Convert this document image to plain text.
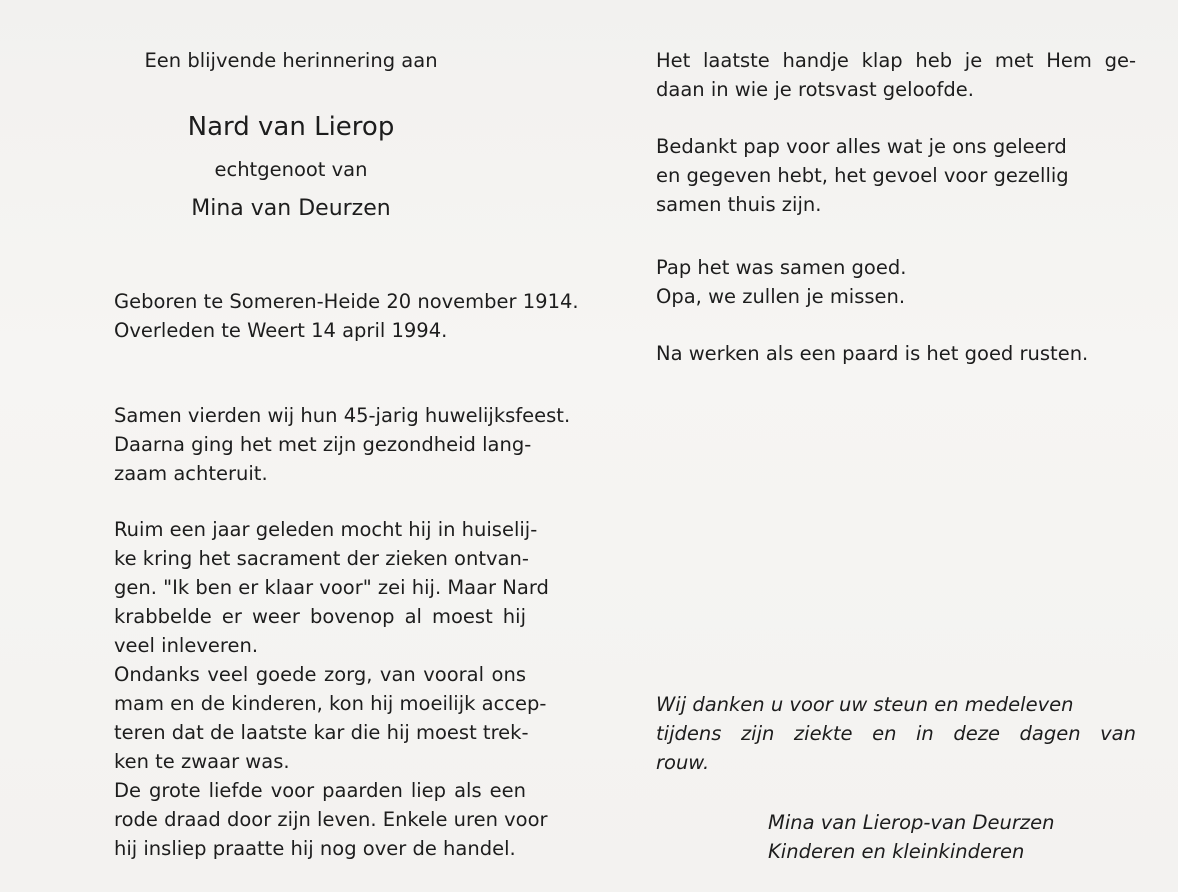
Een blijvende herinnering aan
Nard van Lierop
echtgenoot van
Mina van Deurzen
Geboren te Someren-Heide 20 november 1914.
Overleden te Weert 14 april 1994.

Samen vierden wij hun 45-jarig huwelijksfeest.
Daarna ging het met zijn gezondheid lang-
zaam achteruit.

Ruim een jaar geleden mocht hij in huiselij-
ke kring het sacrament der zieken ontvan-
gen. "Ik ben er klaar voor" zei hij. Maar Nard
krabbelde er weer bovenop al moest hij
veel inleveren.

Ondanks veel goede zorg, van vooral ons
mam en de kinderen, kon hij moeilijk accep-
teren dat de laatste kar die hij moest trek-
ken te zwaar was.

De grote liefde voor paarden liep als een
rode draad door zijn leven. Enkele uren voor
hij insliep praatte hij nog over de handel.

Het laatste handje klap heb je met Hem ge-
daan in wie je rotsvast geloofde.

Bedankt pap voor alles wat je ons geleerd
en gegeven hebt, het gevoel voor gezellig
samen thuis zijn.

Pap het was samen goed.
Opa, we zullen je missen.

Na werken als een paard is het goed rusten.

Wij danken u voor uw steun en medeleven
tijdens zijn ziekte en in deze dagen van
rouw.

Mina van Lierop-van Deurzen
Kinderen en kleinkinderen
